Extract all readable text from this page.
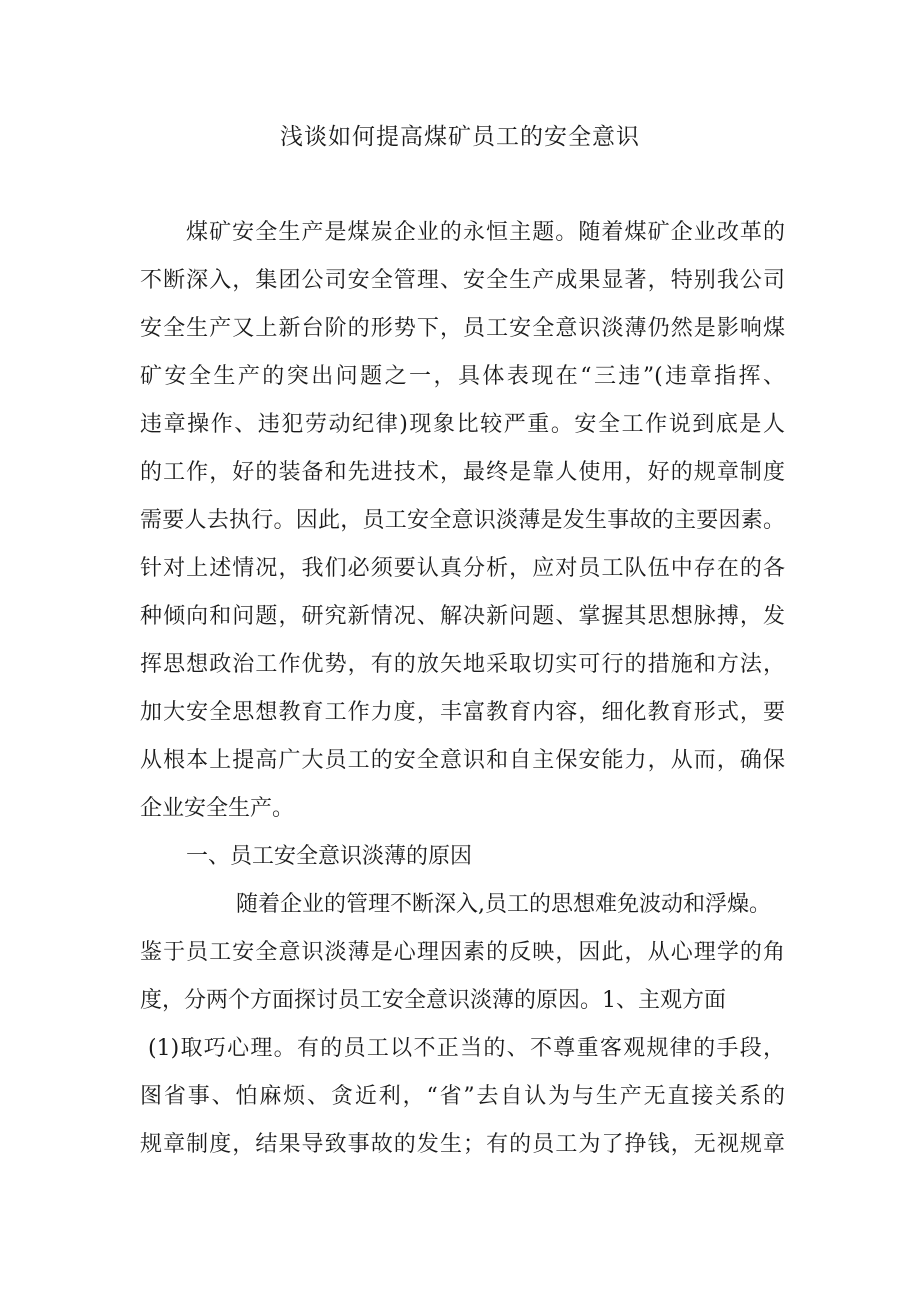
浅谈如何提高煤矿员工的安全意识
煤矿安全生产是煤炭企业的永恒主题。随着煤矿企业改革的
不断深入，集团公司安全管理、安全生产成果显著，特别我公司
安全生产又上新台阶的形势下，员工安全意识淡薄仍然是影响煤
矿安全生产的突出问题之一，具体表现在“三违”(违章指挥、
违章操作、违犯劳动纪律)现象比较严重。安全工作说到底是人
的工作，好的装备和先进技术，最终是靠人使用，好的规章制度
需要人去执行。因此，员工安全意识淡薄是发生事故的主要因素。
针对上述情况，我们必须要认真分析，应对员工队伍中存在的各
种倾向和问题，研究新情况、解决新问题、掌握其思想脉搏，发
挥思想政治工作优势，有的放矢地采取切实可行的措施和方法，
加大安全思想教育工作力度，丰富教育内容，细化教育形式，要
从根本上提高广大员工的安全意识和自主保安能力，从而，确保
企业安全生产。
一、员工安全意识淡薄的原因
随着企业的管理不断深入,员工的思想难免波动和浮燥。
鉴于员工安全意识淡薄是心理因素的反映，因此，从心理学的角
度，分两个方面探讨员工安全意识淡薄的原因。1、主观方面
(1)取巧心理。有的员工以不正当的、不尊重客观规律的手段，
图省事、怕麻烦、贪近利，“省”去自认为与生产无直接关系的
规章制度，结果导致事故的发生；有的员工为了挣钱，无视规章
